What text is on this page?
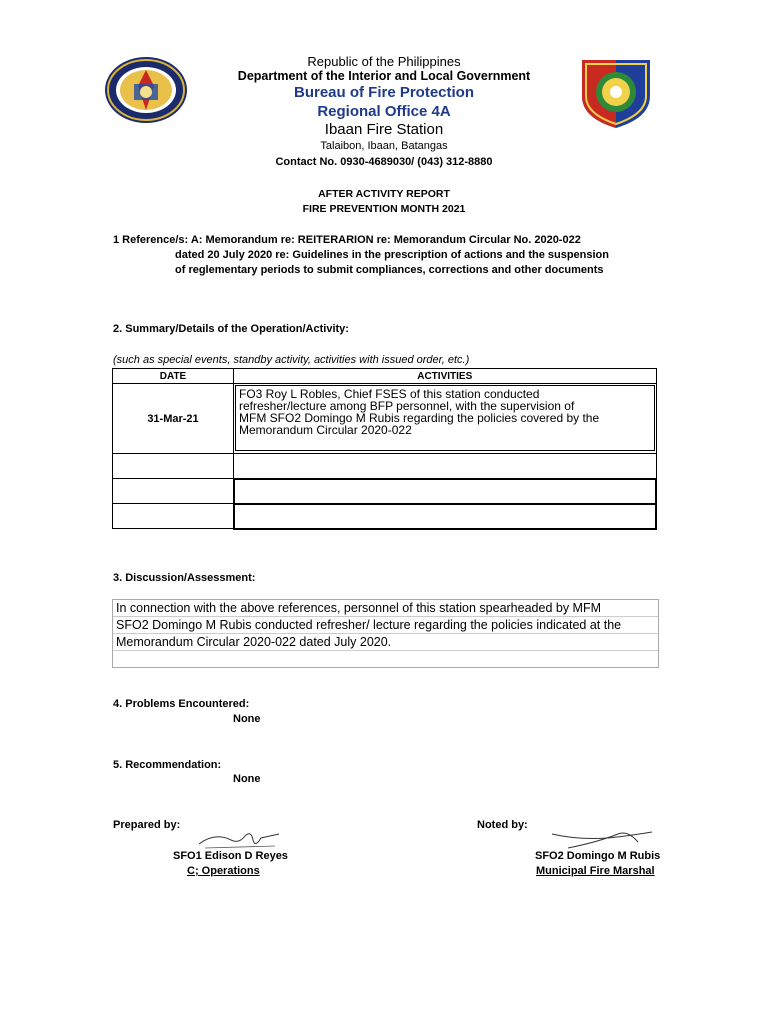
Republic of the Philippines
Department of the Interior and Local Government
Bureau of Fire Protection
Regional Office 4A
Ibaan Fire Station
Talaibon, Ibaan, Batangas
Contact No. 0930-4689030/ (043) 312-8880
AFTER ACTIVITY REPORT
FIRE PREVENTION MONTH 2021
1 Reference/s: A: Memorandum re: REITERARION re: Memorandum Circular No. 2020-022
dated 20 July 2020 re: Guidelines in the prescription of actions and the suspension
of reglementary periods to submit compliances, corrections and other documents
2. Summary/Details of the Operation/Activity:
(such as special events, standby activity, activities with issued order, etc.)
DATE	ACTIVITIES
31-Mar-21	FO3 Roy L Robles, Chief FSES of this station conducted
refresher/lecture among BFP personnel, with the supervision of
MFM SFO2 Domingo M Rubis regarding the policies covered by the
Memorandum Circular 2020-022

3. Discussion/Assessment:
In connection with the above references, personnel of this station spearheaded by MFM
SFO2 Domingo M Rubis conducted refresher/ lecture regarding the policies indicated at the
Memorandum Circular 2020-022 dated July 2020.
4. Problems Encountered:
None
5. Recommendation:
None
Prepared by:	Noted by:
SFO1 Edison D Reyes
C; Operations
SFO2 Domingo M Rubis
Municipal Fire Marshal
